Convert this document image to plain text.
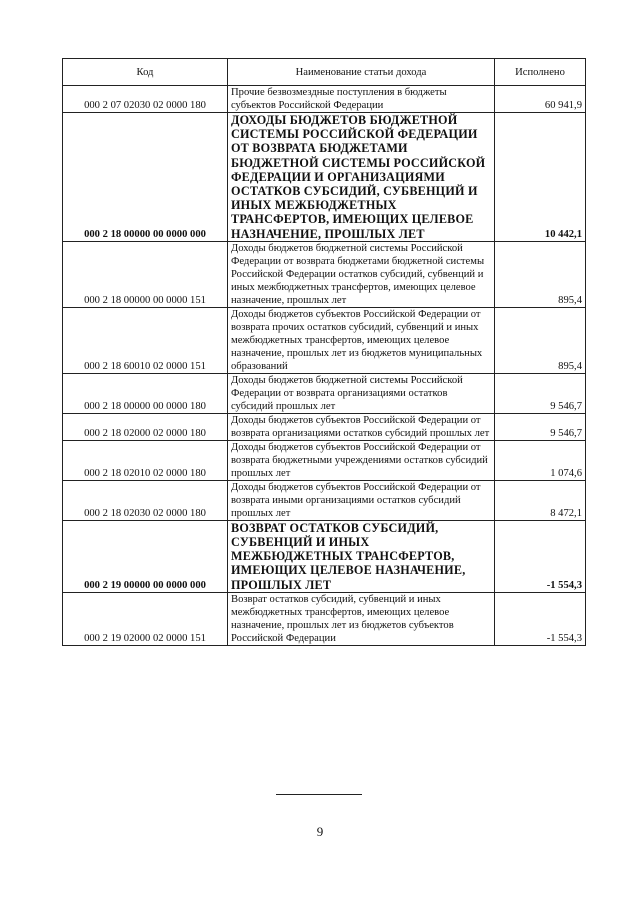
Код	Наименование статьи дохода	Исполнено
000 2 07 02030 02 0000 180	Прочие безвозмездные поступления в бюджеты субъектов Российской Федерации	60 941,9
000 2 18 00000 00 0000 000	ДОХОДЫ БЮДЖЕТОВ БЮДЖЕТНОЙ СИСТЕМЫ РОССИЙСКОЙ ФЕДЕРАЦИИ ОТ ВОЗВРАТА БЮДЖЕТАМИ БЮДЖЕТНОЙ СИСТЕМЫ РОССИЙСКОЙ ФЕДЕРАЦИИ И ОРГАНИЗАЦИЯМИ ОСТАТКОВ СУБСИДИЙ, СУБВЕНЦИЙ И ИНЫХ МЕЖБЮДЖЕТНЫХ ТРАНСФЕРТОВ, ИМЕЮЩИХ ЦЕЛЕВОЕ НАЗНАЧЕНИЕ, ПРОШЛЫХ ЛЕТ	10 442,1
000 2 18 00000 00 0000 151	Доходы бюджетов бюджетной системы Российской Федерации от возврата бюджетами бюджетной системы Российской Федерации остатков субсидий, субвенций и иных межбюджетных трансфертов, имеющих целевое назначение, прошлых лет	895,4
000 2 18 60010 02 0000 151	Доходы бюджетов субъектов Российской Федерации от возврата прочих остатков субсидий, субвенций и иных межбюджетных трансфертов, имеющих целевое назначение, прошлых лет из бюджетов муниципальных образований	895,4
000 2 18 00000 00 0000 180	Доходы бюджетов бюджетной системы Российской Федерации от возврата организациями остатков субсидий прошлых лет	9 546,7
000 2 18 02000 02 0000 180	Доходы бюджетов субъектов Российской Федерации от возврата организациями остатков субсидий прошлых лет	9 546,7
000 2 18 02010 02 0000 180	Доходы бюджетов субъектов Российской Федерации от возврата бюджетными учреждениями остатков субсидий прошлых лет	1 074,6
000 2 18 02030 02 0000 180	Доходы бюджетов субъектов Российской Федерации от возврата иными организациями остатков субсидий прошлых лет	8 472,1
000 2 19 00000 00 0000 000	ВОЗВРАТ ОСТАТКОВ СУБСИДИЙ, СУБВЕНЦИЙ И ИНЫХ МЕЖБЮДЖЕТНЫХ ТРАНСФЕРТОВ, ИМЕЮЩИХ ЦЕЛЕВОЕ НАЗНАЧЕНИЕ, ПРОШЛЫХ ЛЕТ	-1 554,3
000 2 19 02000 02 0000 151	Возврат остатков субсидий, субвенций и иных межбюджетных трансфертов, имеющих целевое назначение, прошлых лет из бюджетов субъектов Российской Федерации	-1 554,3
9
